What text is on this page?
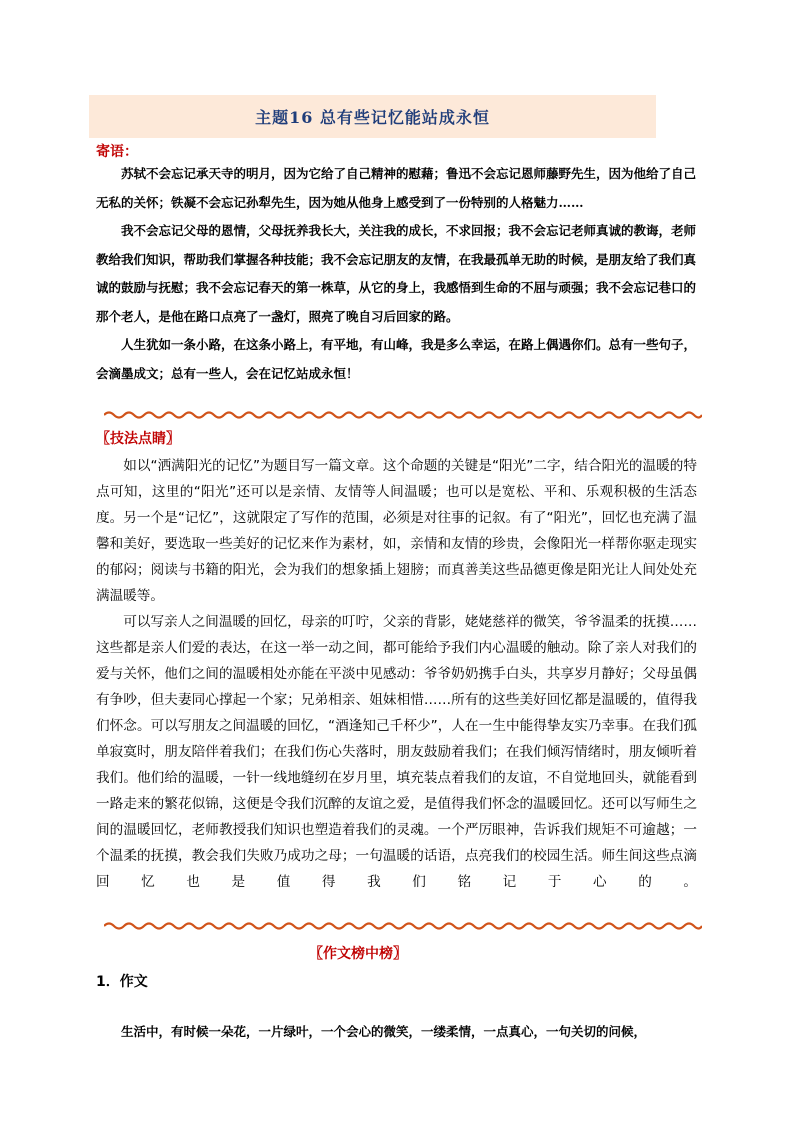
主题16 总有些记忆能站成永恒
寄语：

苏轼不会忘记承天寺的明月，因为它给了自己精神的慰藉；鲁迅不会忘记恩师藤野先生，因为他给了自己无私的关怀；铁凝不会忘记孙犁先生，因为她从他身上感受到了一份特别的人格魅力……

我不会忘记父母的恩情，父母抚养我长大，关注我的成长，不求回报；我不会忘记老师真诚的教诲，老师教给我们知识，帮助我们掌握各种技能；我不会忘记朋友的友情，在我最孤单无助的时候，是朋友给了我们真诚的鼓励与抚慰；我不会忘记春天的第一株草，从它的身上，我感悟到生命的不屈与顽强；我不会忘记巷口的那个老人，是他在路口点亮了一盏灯，照亮了晚自习后回家的路。

人生犹如一条小路，在这条小路上，有平地，有山峰，我是多么幸运，在路上偶遇你们。总有一些句子，会滴墨成文；总有一些人，会在记忆站成永恒！

〖技法点睛〗

如以“洒满阳光的记忆”为题目写一篇文章。这个命题的关键是“阳光”二字，结合阳光的温暖的特点可知，这里的“阳光”还可以是亲情、友情等人间温暖；也可以是宽松、平和、乐观积极的生活态度。另一个是“记忆”，这就限定了写作的范围，必须是对往事的记叙。有了“阳光”，回忆也充满了温馨和美好，要选取一些美好的记忆来作为素材，如，亲情和友情的珍贵，会像阳光一样帮你驱走现实的郁闷；阅读与书籍的阳光，会为我们的想象插上翅膀；而真善美这些品德更像是阳光让人间处处充满温暖等。

可以写亲人之间温暖的回忆，母亲的叮咛，父亲的背影，姥姥慈祥的微笑，爷爷温柔的抚摸……这些都是亲人们爱的表达，在这一举一动之间，都可能给予我们内心温暖的触动。除了亲人对我们的爱与关怀，他们之间的温暖相处亦能在平淡中见感动：爷爷奶奶携手白头，共享岁月静好；父母虽偶有争吵，但夫妻同心撑起一个家；兄弟相亲、姐妹相惜……所有的这些美好回忆都是温暖的，值得我们怀念。可以写朋友之间温暖的回忆，“酒逢知己千杯少”，人在一生中能得挚友实乃幸事。在我们孤单寂寞时，朋友陪伴着我们；在我们伤心失落时，朋友鼓励着我们；在我们倾泻情绪时，朋友倾听着我们。他们给的温暖，一针一线地缝纫在岁月里，填充装点着我们的友谊，不自觉地回头，就能看到一路走来的繁花似锦，这便是令我们沉醉的友谊之爱，是值得我们怀念的温暖回忆。还可以写师生之间的温暖回忆，老师教授我们知识也塑造着我们的灵魂。一个严厉眼神，告诉我们规矩不可逾越；一个温柔的抚摸，教会我们失败乃成功之母；一句温暖的话语，点亮我们的校园生活。师生间这些点滴回忆也是值得我们铭记于心的。

〖作文榜中榜〗
1．作文

生活中，有时候一朵花，一片绿叶，一个会心的微笑，一缕柔情，一点真心，一句关切的问候，
